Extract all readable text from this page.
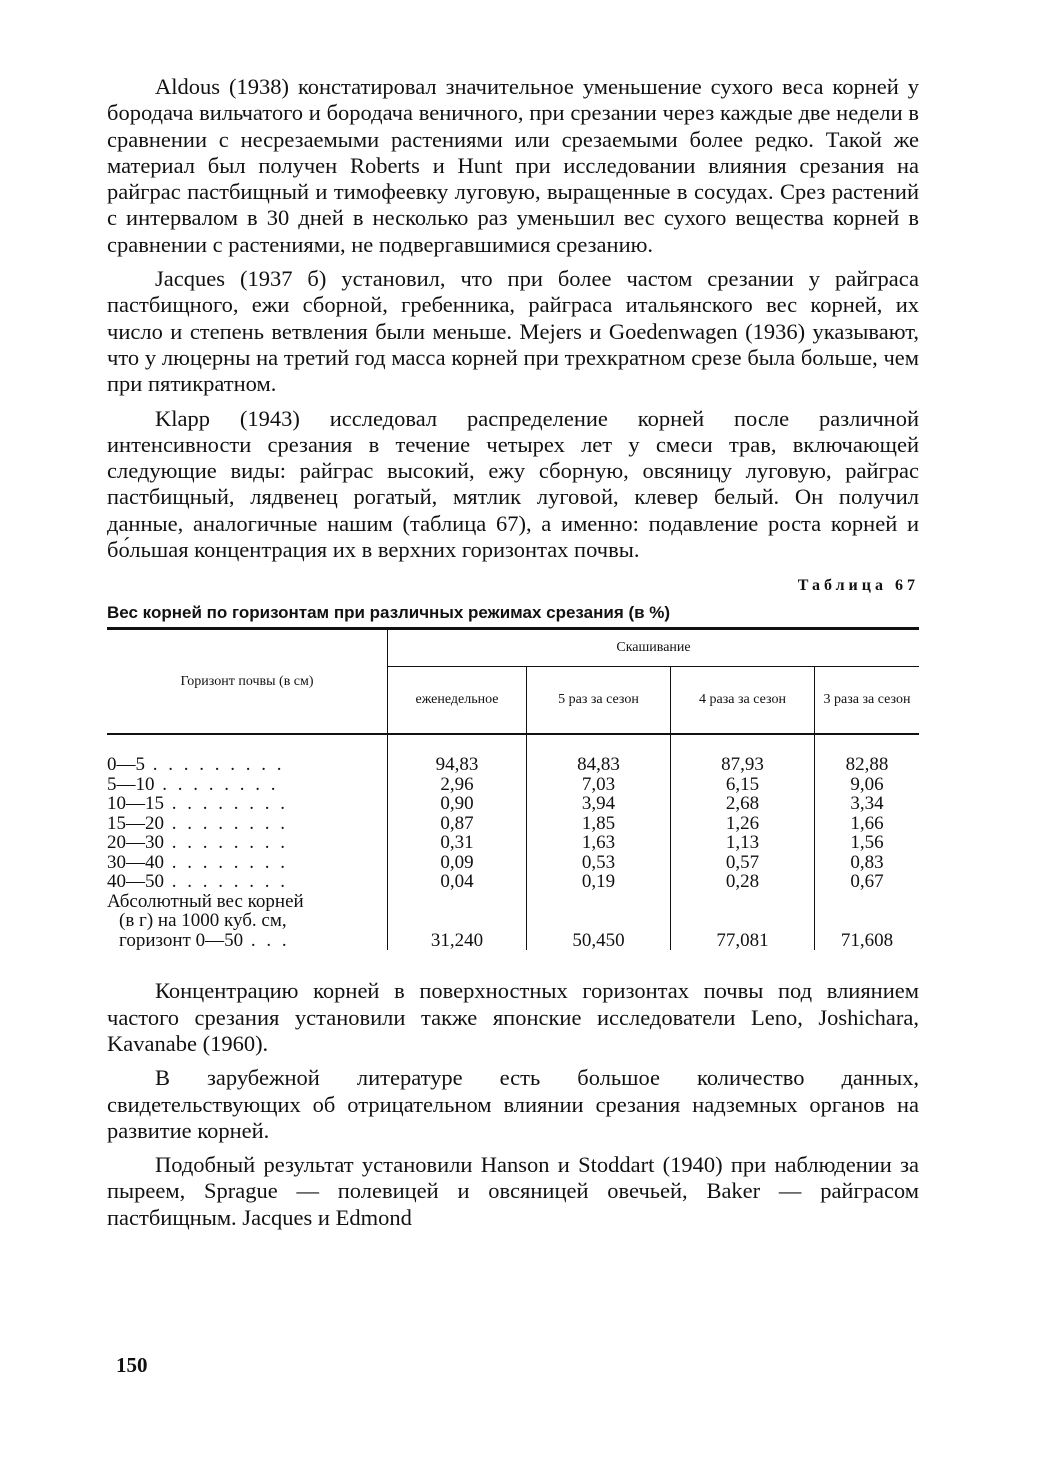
Aldous (1938) констатировал значительное уменьшение сухого веса корней у бородача вильчатого и бородача веничного, при срезании через каждые две недели в сравнении с несрезаемыми растениями или срезаемыми более редко. Такой же материал был получен Roberts и Hunt при исследовании влияния срезания на райграс пастбищный и тимофеевку луговую, выращенные в сосудах. Срез растений с интервалом в 30 дней в несколько раз уменьшил вес сухого вещества корней в сравнении с растениями, не подвергавшимися срезанию.

Jacques (1937 б) установил, что при более частом срезании у райграса пастбищного, ежи сборной, гребенника, райграса итальянского вес корней, их число и степень ветвления были меньше. Mejers и Goedenwagen (1936) указывают, что у люцерны на третий год масса корней при трехкратном срезе была больше, чем при пятикратном.

Klapp (1943) исследовал распределение корней после различной интенсивности срезания в течение четырех лет у смеси трав, включающей следующие виды: райграс высокий, ежу сборную, овсяницу луговую, райграс пастбищный, лядвенец рогатый, мятлик луговой, клевер белый. Он получил данные, аналогичные нашим (таблица 67), а именно: подавление роста корней и бо́льшая концентрация их в верхних горизонтах почвы.

Таблица 67
Вес корней по горизонтам при различных режимах срезания (в %)
Горизонт почвы (в см)	Скашивание			
	еженедельное	5 раз за сезон	4 раза за сезон	3 раза за сезон

0—5 . . . . . . . . .	94,83	84,83	87,93	82,88
5—10 . . . . . . . .	2,96	7,03	6,15	9,06
10—15 . . . . . . . .	0,90	3,94	2,68	3,34
15—20 . . . . . . . .	0,87	1,85	1,26	1,66
20—30 . . . . . . . .	0,31	1,63	1,13	1,56
30—40 . . . . . . . .	0,09	0,53	0,57	0,83
40—50 . . . . . . . .	0,04	0,19	0,28	0,67

Абсолютный вес корней
(в г) на 1000 куб. см,
горизонт 0—50 . . .	31,240	50,450	77,081	71,608

Концентрацию корней в поверхностных горизонтах почвы под влиянием частого срезания установили также японские исследователи Leno, Joshichara, Kavanabe (1960).

В зарубежной литературе есть большое количество данных, свидетельствующих об отрицательном влиянии срезания надземных органов на развитие корней.

Подобный результат установили Hanson и Stoddart (1940) при наблюдении за пыреем, Sprague — полевицей и овсяницей овечьей, Baker — райграсом пастбищным. Jacques и Edmond

150
